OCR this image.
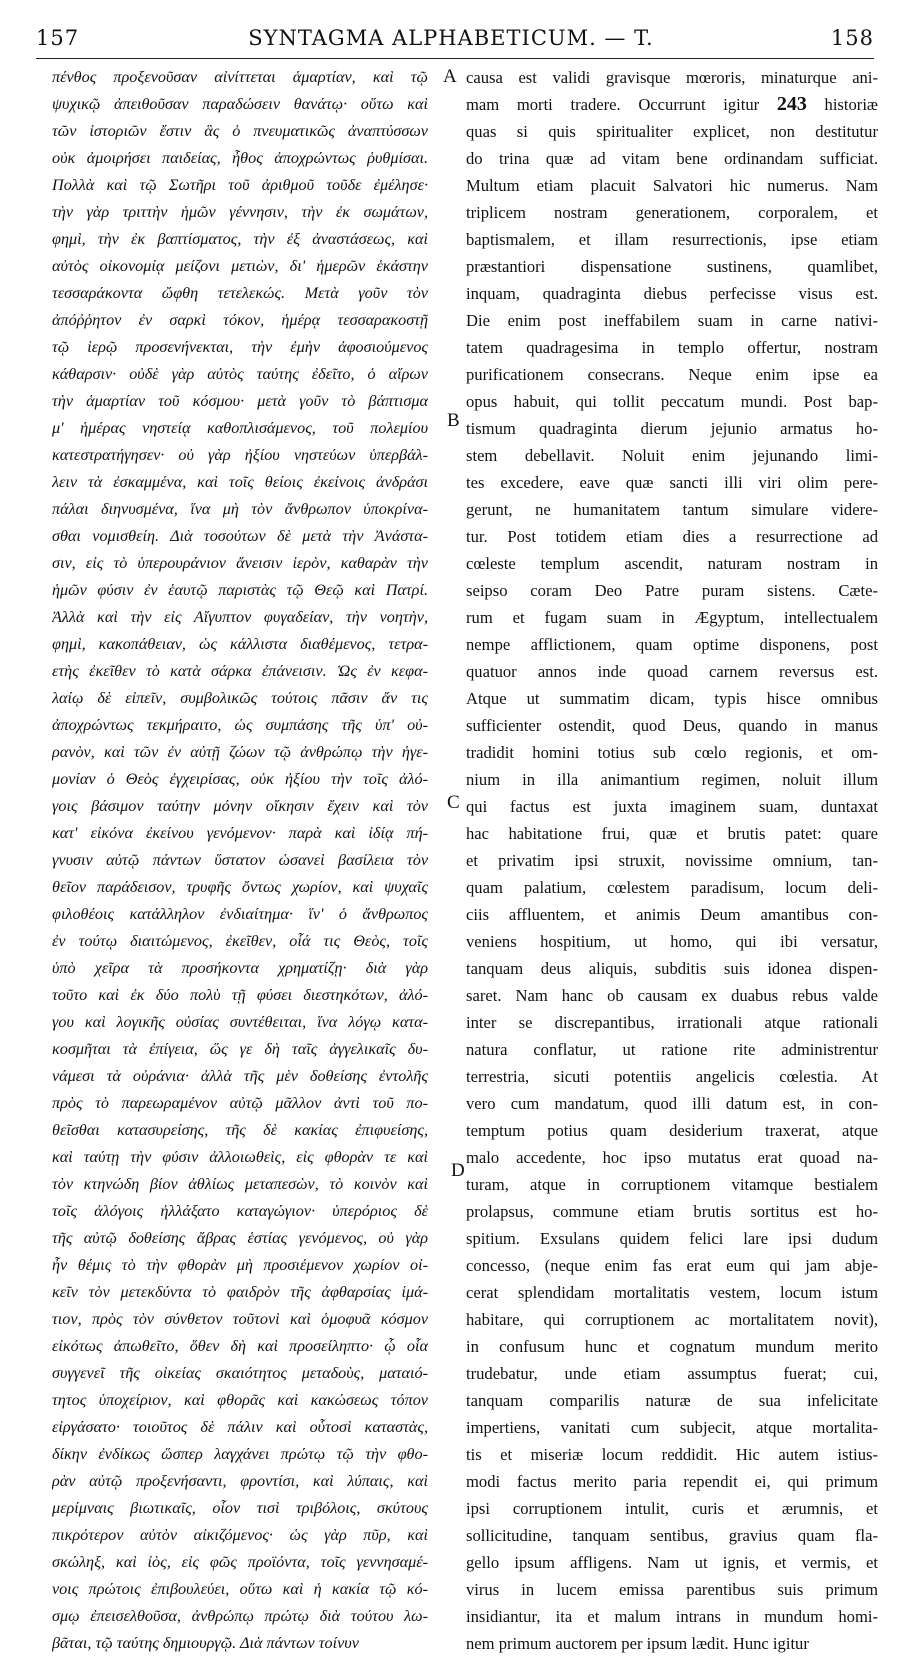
157	SYNTAGMA ALPHABETICUM. — T.	158
πένθος προξενοῦσαν αἰνίττεται ἁμαρτίαν, καὶ τῷ
ψυχικῷ ἀπειθοῦσαν παραδώσειν θανάτῳ· οὕτω καὶ
τῶν ἱστοριῶν ἔστιν ἃς ὁ πνευματικῶς ἀναπτύσσων
οὐκ ἀμοιρήσει παιδείας, ἦθος ἀποχρώντως ῥυθμίσαι.
Πολλὰ καὶ τῷ Σωτῆρι τοῦ ἀριθμοῦ τοῦδε ἐμέλησε·
τὴν γὰρ τριττὴν ἡμῶν γέννησιν, τὴν ἐκ σωμάτων,
φημὶ, τὴν ἐκ βαπτίσματος, τὴν ἐξ ἀναστάσεως, καὶ
αὐτὸς οἰκονομίᾳ μείζονι μετιὼν, δι' ἡμερῶν ἑκάστην
τεσσαράκοντα ὤφθη τετελεκώς. Μετὰ γοῦν τὸν
ἀπόῤῥητον ἐν σαρκὶ τόκον, ἡμέρᾳ τεσσαρακοστῇ
τῷ ἱερῷ προσενήνεκται, τὴν ἐμὴν ἀφοσιούμενος
κάθαρσιν· οὐδὲ γὰρ αὐτὸς ταύτης ἐδεῖτο, ὁ αἴρων
τὴν ἁμαρτίαν τοῦ κόσμου· μετὰ γοῦν τὸ βάπτισμα
μ' ἡμέρας νηστείᾳ καθοπλισάμενος, τοῦ πολεμίου
κατεστρατήγησεν· οὐ γὰρ ἠξίου νηστεύων ὑπερβάλ-
λειν τὰ ἐσκαμμένα, καὶ τοῖς θείοις ἐκείνοις ἀνδράσι
πάλαι διηνυσμένα, ἵνα μὴ τὸν ἄνθρωπον ὑποκρίνα-
σθαι νομισθείη. Διὰ τοσούτων δὲ μετὰ τὴν Ἀνάστα-
σιν, εἰς τὸ ὑπερουράνιον ἄνεισιν ἱερὸν, καθαρὰν τὴν
ἡμῶν φύσιν ἐν ἑαυτῷ παριστὰς τῷ Θεῷ καὶ Πατρί.
Ἀλλὰ καὶ τὴν εἰς Αἴγυπτον φυγαδείαν, τὴν νοητὴν,
φημὶ, κακοπάθειαν, ὡς κάλλιστα διαθέμενος, τετρα-
ετὴς ἐκεῖθεν τὸ κατὰ σάρκα ἐπάνεισιν. Ὡς ἐν κεφα-
λαίῳ δὲ εἰπεῖν, συμβολικῶς τούτοις πᾶσιν ἄν τις
ἀποχρώντως τεκμήραιτο, ὡς συμπάσης τῆς ὑπ' οὐ-
ρανὸν, καὶ τῶν ἐν αὐτῇ ζώων τῷ ἀνθρώπῳ τὴν ἡγε-
μονίαν ὁ Θεὸς ἐγχειρίσας, οὐκ ἠξίου τὴν τοῖς ἀλό-
γοις βάσιμον ταύτην μόνην οἴκησιν ἔχειν καὶ τὸν
κατ' εἰκόνα ἐκείνου γενόμενον· παρὰ καὶ ἰδίᾳ πή-
γνυσιν αὐτῷ πάντων ὕστατον ὡσανεὶ βασίλεια τὸν
θεῖον παράδεισον, τρυφῆς ὄντως χωρίον, καὶ ψυχαῖς
φιλοθέοις κατάλληλον ἐνδιαίτημα· ἵν' ὁ ἄνθρωπος
ἐν τούτῳ διαιτώμενος, ἐκεῖθεν, οἷά τις Θεὸς, τοῖς
ὑπὸ χεῖρα τὰ προσήκοντα χρηματίζῃ· διὰ γὰρ
τοῦτο καὶ ἐκ δύο πολὺ τῇ φύσει διεστηκότων, ἀλό-
γου καὶ λογικῆς οὐσίας συντέθειται, ἵνα λόγῳ κατα-
κοσμῆται τὰ ἐπίγεια, ὥς γε δὴ ταῖς ἀγγελικαῖς δυ-
νάμεσι τὰ οὐράνια· ἀλλὰ τῆς μὲν δοθείσης ἐντολῆς
πρὸς τὸ παρεωραμένον αὐτῷ μᾶλλον ἀντὶ τοῦ πο-
θεῖσθαι κατασυρείσης, τῆς δὲ κακίας ἐπιφυείσης,
καὶ ταύτῃ τὴν φύσιν ἀλλοιωθεὶς, εἰς φθορὰν τε καὶ
τὸν κτηνώδη βίον ἀθλίως μεταπεσὼν, τὸ κοινὸν καὶ
τοῖς ἀλόγοις ἠλλάξατο καταγώγιον· ὑπερόριος δὲ
τῆς αὐτῷ δοθείσης ἄβρας ἑστίας γενόμενος, οὐ γὰρ
ἦν θέμις τὸ τὴν φθορὰν μὴ προσιέμενον χωρίον οἰ-
κεῖν τὸν μετεκδύντα τὸ φαιδρὸν τῆς ἀφθαρσίας ἱμά-
τιον, πρὸς τὸν σύνθετον τοῦτονὶ καὶ ὁμοφυᾶ κόσμον
εἰκότως ἀπωθεῖτο, ὅθεν δὴ καὶ προσείληπτο· ᾧ οἷα
συγγενεῖ τῆς οἰκείας σκαιότητος μεταδοὺς, ματαιό-
τητος ὑποχείριον, καὶ φθορᾶς καὶ κακώσεως τόπον
εἰργάσατο· τοιοῦτος δὲ πάλιν καὶ οὗτοσὶ καταστὰς,
δίκην ἐνδίκως ὥσπερ λαγχάνει πρώτῳ τῷ τὴν φθο-
ρὰν αὐτῷ προξενήσαντι, φροντίσι, καὶ λύπαις, καὶ
μερίμναις βιωτικαῖς, οἷον τισὶ τριβόλοις, σκύτους
πικρότερον αὐτὸν αἰκιζόμενος· ὡς γὰρ πῦρ, καὶ
σκώληξ, καὶ ἰὸς, εἰς φῶς προϊόντα, τοῖς γεννησαμέ-
νοις πρώτοις ἐπιβουλεύει, οὕτω καὶ ἡ κακία τῷ κό-
σμῳ ἐπεισελθοῦσα, ἀνθρώπῳ πρώτῳ διὰ τούτου λω-
βᾶται, τῷ ταύτης δημιουργῷ. Διὰ πάντων τοίνυν
causa est validi gravisque mœroris, minaturque ani-
mam morti tradere. Occurrunt igitur 243 historiæ
quas si quis spiritualiter explicet, non destitutur
do trina quæ ad vitam bene ordinandam sufficiat.
Multum etiam placuit Salvatori hic numerus. Nam
triplicem nostram generationem, corporalem, et
baptismalem, et illam resurrectionis, ipse etiam
præstantiori dispensatione sustinens, quamlibet,
inquam, quadraginta diebus perfecisse visus est.
Die enim post ineffabilem suam in carne nativi-
tatem quadragesima in templo offertur, nostram
purificationem consecrans. Neque enim ipse ea
opus habuit, qui tollit peccatum mundi. Post bap-
tismum quadraginta dierum jejunio armatus ho-
stem debellavit. Noluit enim jejunando limi-
tes excedere, eave quæ sancti illi viri olim pere-
gerunt, ne humanitatem tantum simulare videre-
tur. Post totidem etiam dies a resurrectione ad
cœleste templum ascendit, naturam nostram in
seipso coram Deo Patre puram sistens. Cæte-
rum et fugam suam in Ægyptum, intellectualem
nempe afflictionem, quam optime disponens, post
quatuor annos inde quoad carnem reversus est.
Atque ut summatim dicam, typis hisce omnibus
sufficienter ostendit, quod Deus, quando in manus
tradidit homini totius sub cœlo regionis, et om-
nium in illa animantium regimen, noluit illum
qui factus est juxta imaginem suam, duntaxat
hac habitatione frui, quæ et brutis patet: quare
et privatim ipsi struxit, novissime omnium, tan-
quam palatium, cœlestem paradisum, locum deli-
ciis affluentem, et animis Deum amantibus con-
veniens hospitium, ut homo, qui ibi versatur,
tanquam deus aliquis, subditis suis idonea dispen-
saret. Nam hanc ob causam ex duabus rebus valde
inter se discrepantibus, irrationali atque rationali
natura conflatur, ut ratione rite administrentur
terrestria, sicuti potentiis angelicis cœlestia. At
vero cum mandatum, quod illi datum est, in con-
temptum potius quam desiderium traxerat, atque
malo accedente, hoc ipso mutatus erat quoad na-
turam, atque in corruptionem vitamque bestialem
prolapsus, commune etiam brutis sortitus est ho-
spitium. Exsulans quidem felici lare ipsi dudum
concesso, (neque enim fas erat eum qui jam abje-
cerat splendidam mortalitatis vestem, locum istum
habitare, qui corruptionem ac mortalitatem novit),
in confusum hunc et cognatum mundum merito
trudebatur, unde etiam assumptus fuerat; cui,
tanquam comparilis naturæ de sua infelicitate
impertiens, vanitati cum subjecit, atque mortalita-
tis et miseriæ locum reddidit. Hic autem istius-
modi factus merito paria rependit ei, qui primum
ipsi corruptionem intulit, curis et ærumnis, et
sollicitudine, tanquam sentibus, gravius quam fla-
gello ipsum affligens. Nam ut ignis, et vermis, et
virus in lucem emissa parentibus suis primum
insidiantur, ita et malum intrans in mundum homi-
nem primum auctorem per ipsum lædit. Hunc igitur
A
B
C
D
